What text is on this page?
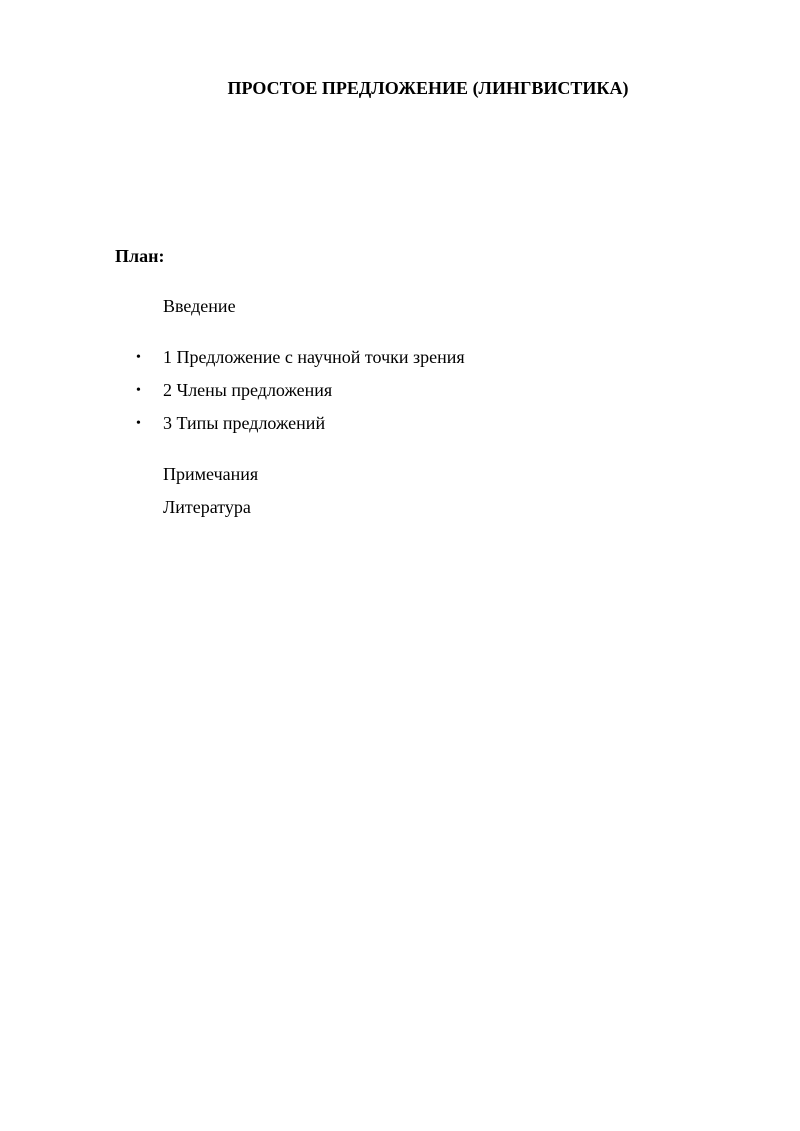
ПРОСТОЕ ПРЕДЛОЖЕНИЕ (ЛИНГВИСТИКА)
План:
Введение
• 1 Предложение с научной точки зрения
• 2 Члены предложения
• 3 Типы предложений
Примечания
Литература
